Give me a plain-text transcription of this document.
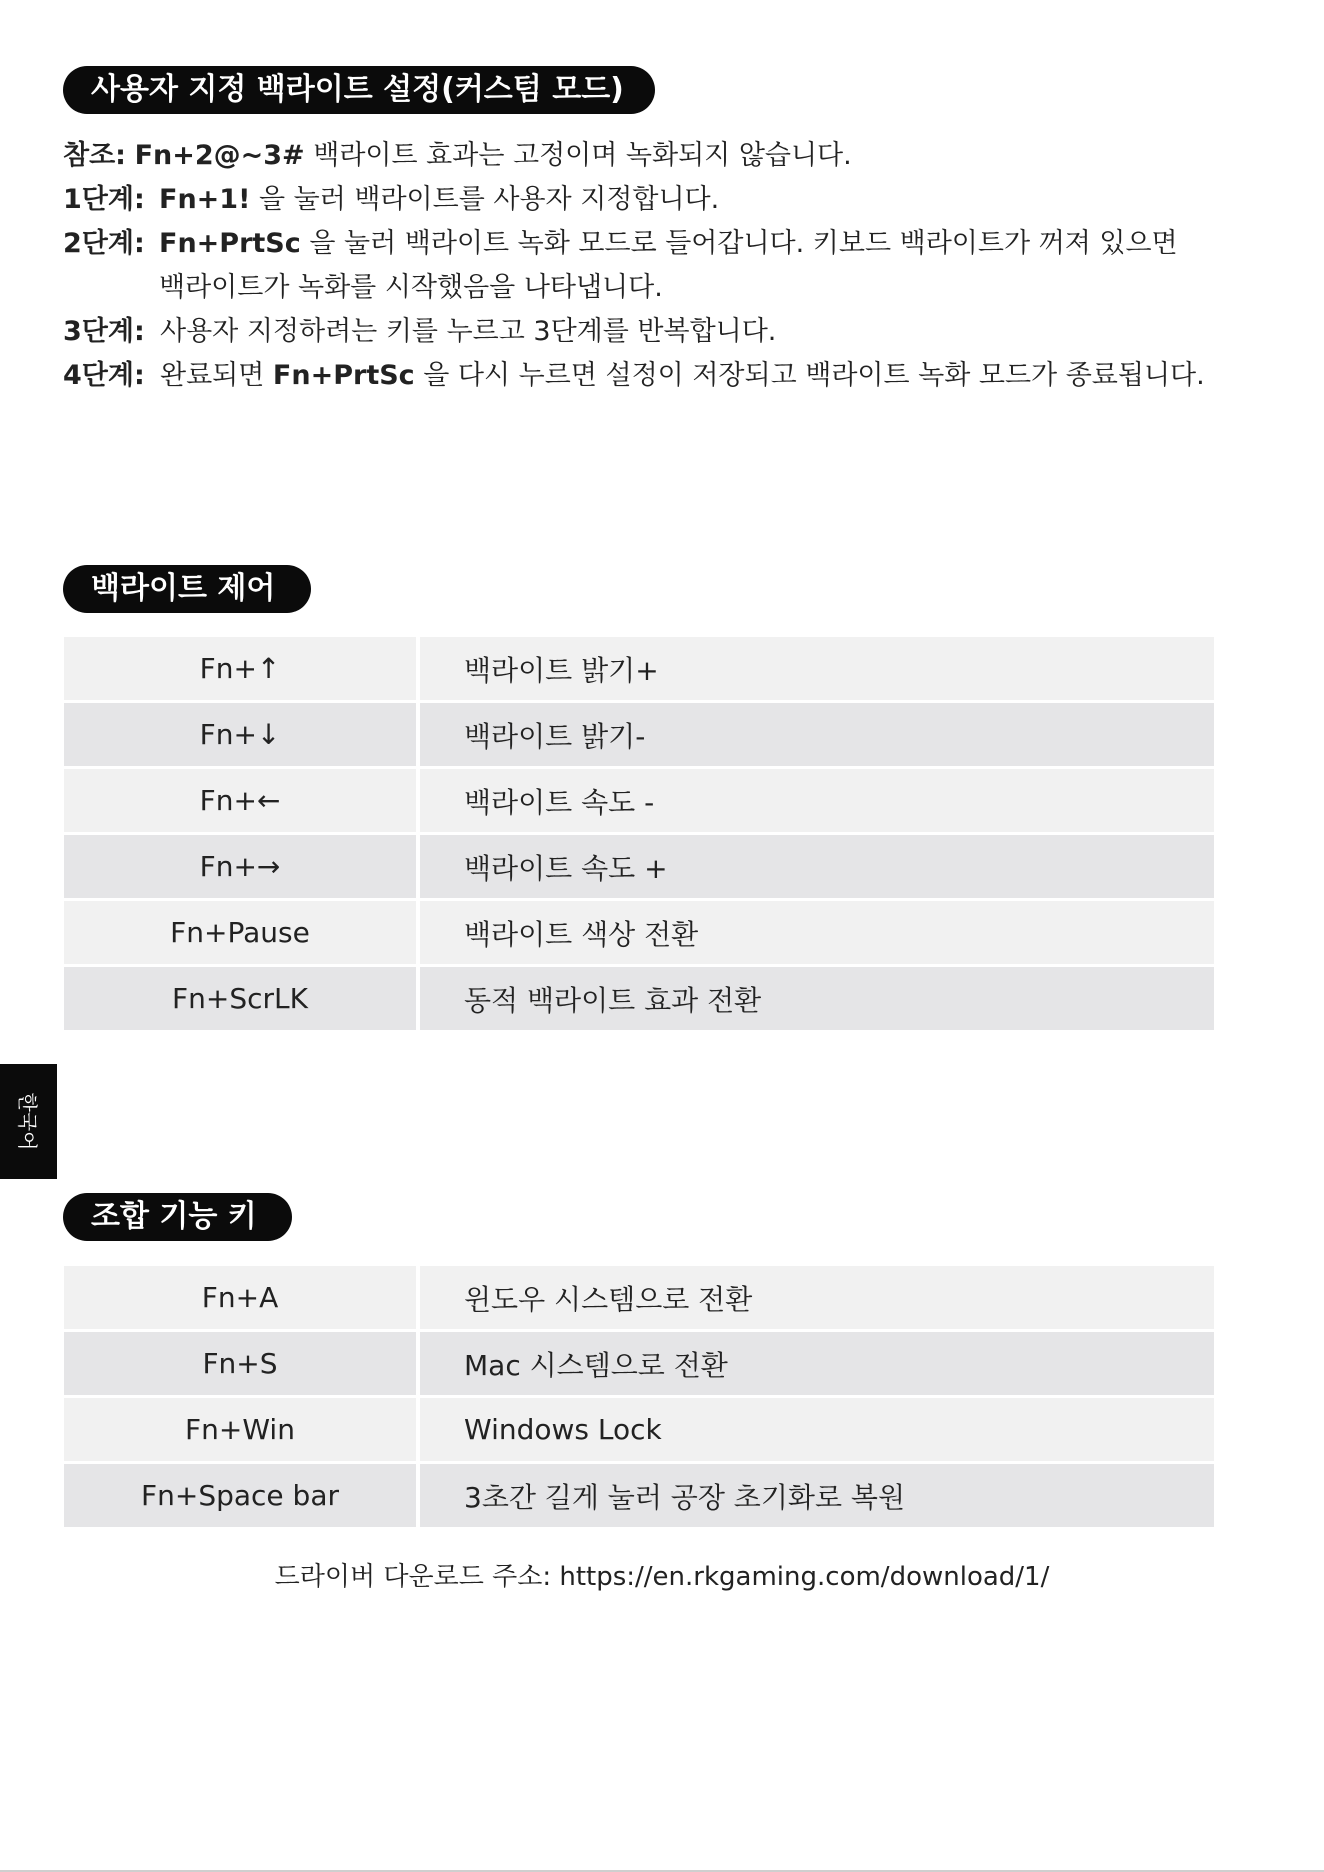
사용자 지정 백라이트 설정(커스텀 모드)
참조: Fn+2@~3# 백라이트 효과는 고정이며 녹화되지 않습니다.
1단계: Fn+1! 을 눌러 백라이트를 사용자 지정합니다.
2단계: Fn+PrtSc 을 눌러 백라이트 녹화 모드로 들어갑니다. 키보드 백라이트가 꺼져 있으면
백라이트가 녹화를 시작했음을 나타냅니다.
3단계: 사용자 지정하려는 키를 누르고 3단계를 반복합니다.
4단계: 완료되면 Fn+PrtSc 을 다시 누르면 설정이 저장되고 백라이트 녹화 모드가 종료됩니다.
백라이트 제어
Fn+↑	백라이트 밝기+
Fn+↓	백라이트 밝기-
Fn+←	백라이트 속도 -
Fn+→	백라이트 속도 +
Fn+Pause	백라이트 색상 전환
Fn+ScrLK	동적 백라이트 효과 전환
한국어
조합 기능 키
Fn+A	윈도우 시스템으로 전환
Fn+S	Mac 시스템으로 전환
Fn+Win	Windows Lock
Fn+Space bar	3초간 길게 눌러 공장 초기화로 복원
드라이버 다운로드 주소: https://en.rkgaming.com/download/1/
